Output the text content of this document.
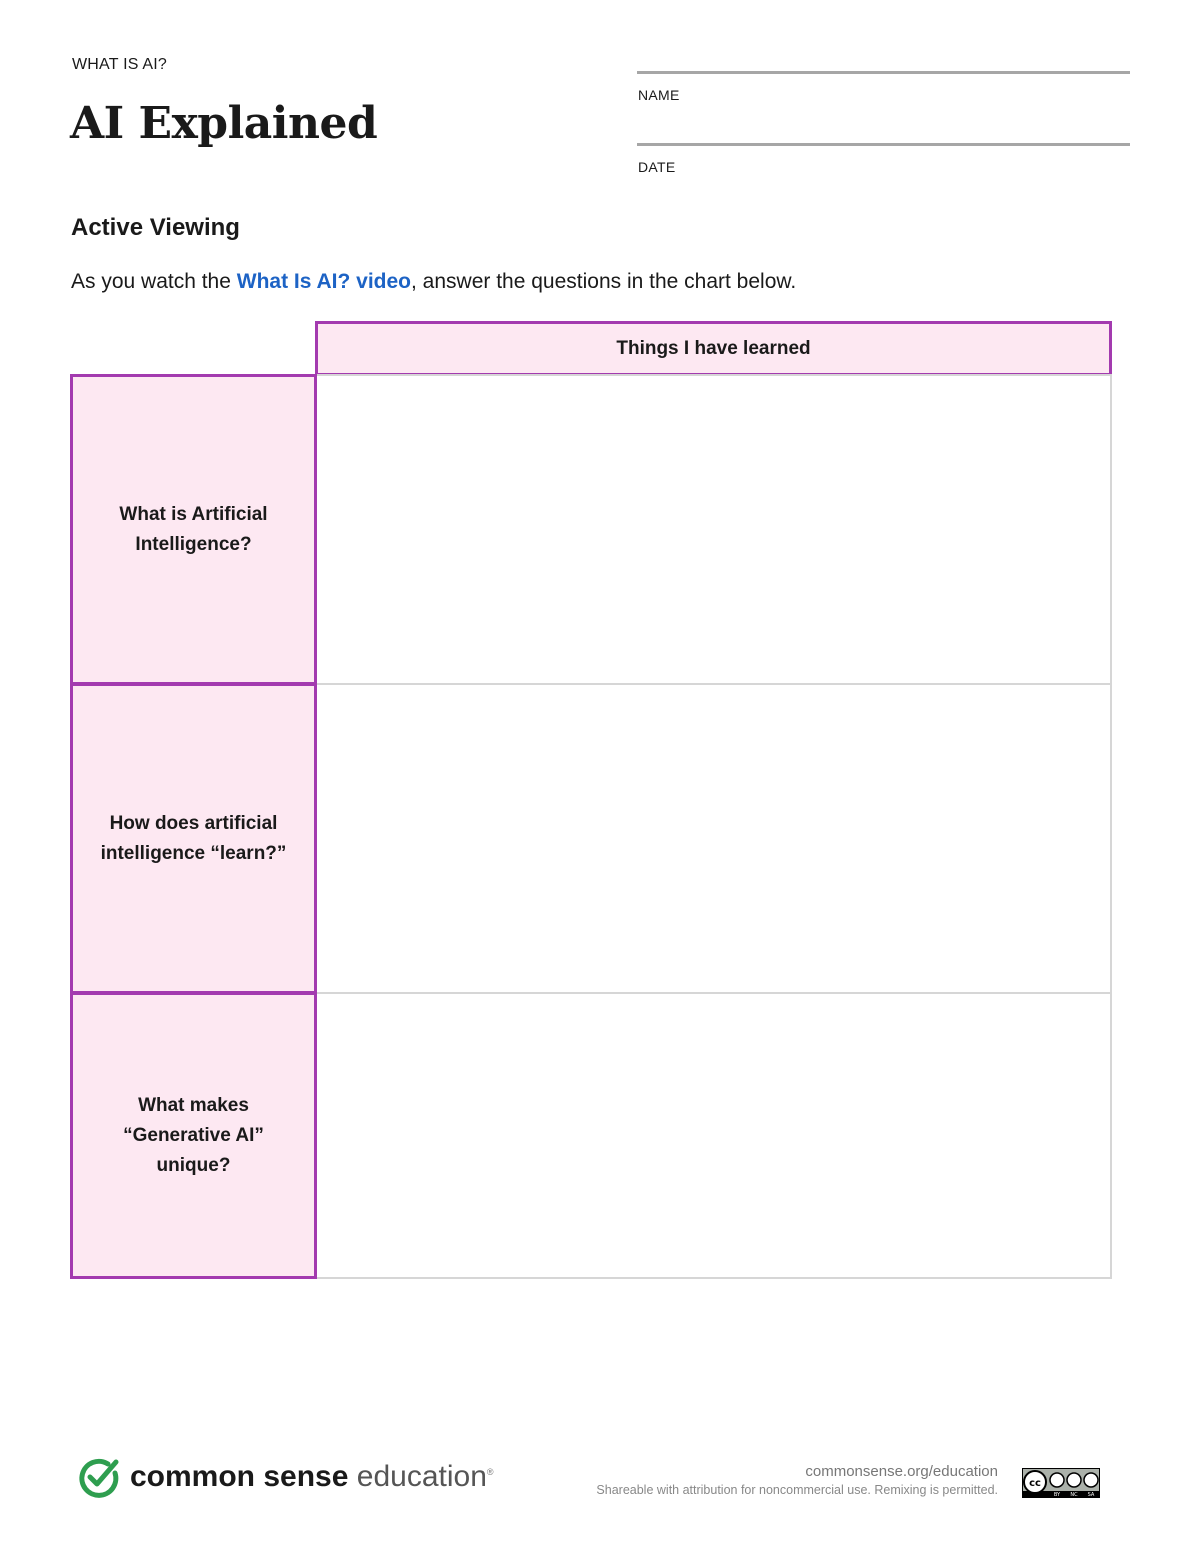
WHAT IS AI?
AI Explained
NAME
DATE
Active Viewing
As you watch the What Is AI? video, answer the questions in the chart below.
Things I have learned
What is Artificial Intelligence?
How does artificial intelligence “learn?”
What makes “Generative AI” unique?
common sense education®	commonsense.org/education
Shareable with attribution for noncommercial use. Remixing is permitted.	cc
BY NC SA
